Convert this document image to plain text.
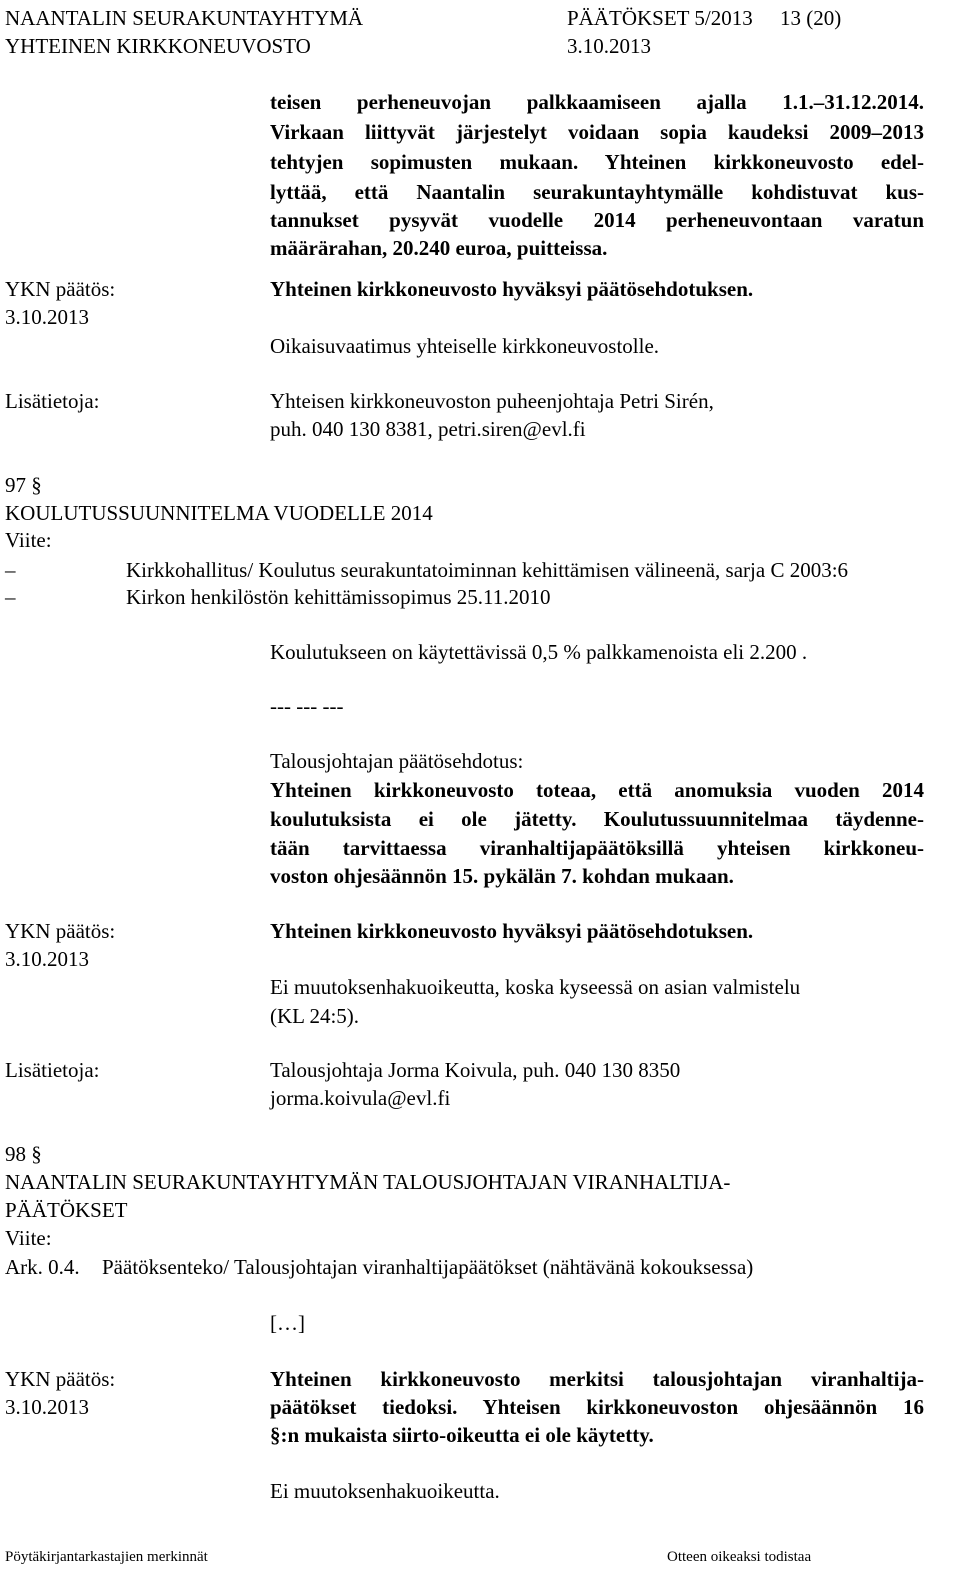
NAANTALIN SEURAKUNTAYHTYMÄ
YHTEINEN KIRKKONEUVOSTO
PÄÄTÖKSET 5/2013
3.10.2013
13 (20)
teisen perheneuvojan palkkaamiseen ajalla 1.1.–31.12.2014.
Virkaan liittyvät järjestelyt voidaan sopia kaudeksi 2009–2013
tehtyjen sopimusten mukaan. Yhteinen kirkkoneuvosto edel-
lyttää, että Naantalin seurakuntayhtymälle kohdistuvat kus-
tannukset pysyvät vuodelle 2014 perheneuvontaan varatun
määrärahan, 20.240 euroa, puitteissa.
YKN päätös:
3.10.2013
Yhteinen kirkkoneuvosto hyväksyi päätösehdotuksen.
Oikaisuvaatimus yhteiselle kirkkoneuvostolle.
Lisätietoja:	Yhteisen kirkkoneuvoston puheenjohtaja Petri Sirén,
puh. 040 130 8381, petri.siren@evl.fi
97 §
KOULUTUSSUUNNITELMA VUODELLE 2014
Viite:
–	Kirkkohallitus/ Koulutus seurakuntatoiminnan kehittämisen välineenä, sarja C 2003:6
–	Kirkon henkilöstön kehittämissopimus 25.11.2010
Koulutukseen on käytettävissä 0,5 % palkkamenoista eli 2.200 .
--- --- ---
Talousjohtajan päätösehdotus:
Yhteinen kirkkoneuvosto toteaa, että anomuksia vuoden 2014
koulutuksista ei ole jätetty. Koulutussuunnitelmaa täydenne-
tään tarvittaessa viranhaltijapäätöksillä yhteisen kirkkoneu-
voston ohjesäännön 15. pykälän 7. kohdan mukaan.
YKN päätös:
3.10.2013
Yhteinen kirkkoneuvosto hyväksyi päätösehdotuksen.
Ei muutoksenhakuoikeutta, koska kyseessä on asian valmistelu
(KL 24:5).
Lisätietoja:	Talousjohtaja Jorma Koivula, puh. 040 130 8350
jorma.koivula@evl.fi
98 §
NAANTALIN SEURAKUNTAYHTYMÄN TALOUSJOHTAJAN VIRANHALTIJA-
PÄÄTÖKSET
Viite:
Ark. 0.4. Päätöksenteko/ Talousjohtajan viranhaltijapäätökset (nähtävänä kokouksessa)
[…]
YKN päätös:
3.10.2013
Yhteinen kirkkoneuvosto merkitsi talousjohtajan viranhaltija-
päätökset tiedoksi. Yhteisen kirkkoneuvoston ohjesäännön 16
§:n mukaista siirto-oikeutta ei ole käytetty.
Ei muutoksenhakuoikeutta.
Pöytäkirjantarkastajien merkinnät	Otteen oikeaksi todistaa
